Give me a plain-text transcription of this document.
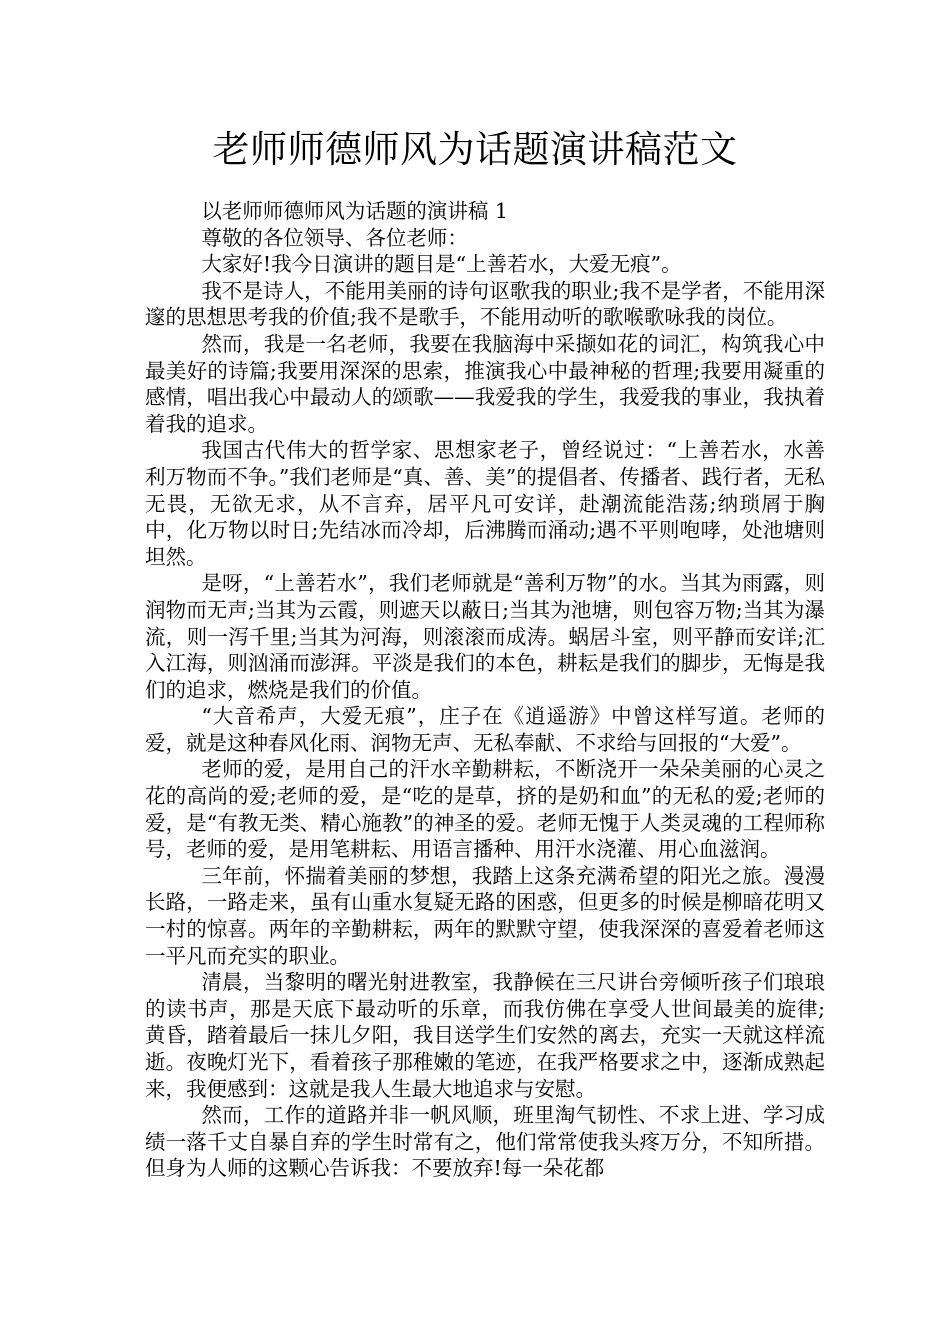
老师师德师风为话题演讲稿范文

以老师师德师风为话题的演讲稿 1

尊敬的各位领导、各位老师：

大家好!我今日演讲的题目是“上善若水，大爱无痕”。

我不是诗人，不能用美丽的诗句讴歌我的职业;我不是学者，不能用深邃的思想思考我的价值;我不是歌手，不能用动听的歌喉歌咏我的岗位。

然而，我是一名老师，我要在我脑海中采撷如花的词汇，构筑我心中最美好的诗篇;我要用深深的思索，推演我心中最神秘的哲理;我要用凝重的感情，唱出我心中最动人的颂歌——我爱我的学生，我爱我的事业，我执着着我的追求。

我国古代伟大的哲学家、思想家老子，曾经说过：“上善若水，水善利万物而不争。”我们老师是“真、善、美”的提倡者、传播者、践行者，无私无畏，无欲无求，从不言弃，居平凡可安详，赴潮流能浩荡;纳琐屑于胸中，化万物以时日;先结冰而冷却，后沸腾而涌动;遇不平则咆哮，处池塘则坦然。

是呀，“上善若水”，我们老师就是“善利万物”的水。当其为雨露，则润物而无声;当其为云霞，则遮天以蔽日;当其为池塘，则包容万物;当其为瀑流，则一泻千里;当其为河海，则滚滚而成涛。蜗居斗室，则平静而安详;汇入江海，则汹涌而澎湃。平淡是我们的本色，耕耘是我们的脚步，无悔是我们的追求，燃烧是我们的价值。

“大音希声，大爱无痕”，庄子在《逍遥游》中曾这样写道。老师的爱，就是这种春风化雨、润物无声、无私奉献、不求给与回报的“大爱”。

老师的爱，是用自己的汗水辛勤耕耘，不断浇开一朵朵美丽的心灵之花的高尚的爱;老师的爱，是“吃的是草，挤的是奶和血”的无私的爱;老师的爱，是“有教无类、精心施教”的神圣的爱。老师无愧于人类灵魂的工程师称号，老师的爱，是用笔耕耘、用语言播种、用汗水浇灌、用心血滋润。

三年前，怀揣着美丽的梦想，我踏上这条充满希望的阳光之旅。漫漫长路，一路走来，虽有山重水复疑无路的困惑，但更多的时候是柳暗花明又一村的惊喜。两年的辛勤耕耘，两年的默默守望，使我深深的喜爱着老师这一平凡而充实的职业。

清晨，当黎明的曙光射进教室，我静候在三尺讲台旁倾听孩子们琅琅的读书声，那是天底下最动听的乐章，而我仿佛在享受人世间最美的旋律;黄昏，踏着最后一抹儿夕阳，我目送学生们安然的离去，充实一天就这样流逝。夜晚灯光下，看着孩子那稚嫩的笔迹，在我严格要求之中，逐渐成熟起来，我便感到：这就是我人生最大地追求与安慰。

然而，工作的道路并非一帆风顺，班里淘气韧性、不求上进、学习成绩一落千丈自暴自弃的学生时常有之，他们常常使我头疼万分，不知所措。但身为人师的这颗心告诉我：不要放弃!每一朵花都
